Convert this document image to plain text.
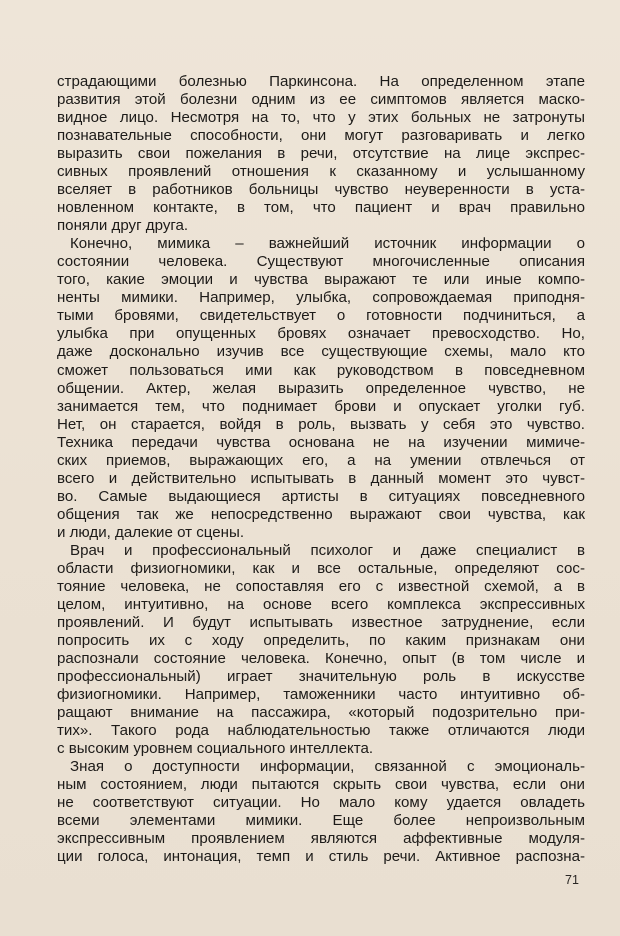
страдающими болезнью Паркинсона. На определенном этапе
развития этой болезни одним из ее симптомов является маско-
видное лицо. Несмотря на то, что у этих больных не затронуты
познавательные способности, они могут разговаривать и легко
выразить свои пожелания в речи, отсутствие на лице экспрес-
сивных проявлений отношения к сказанному и услышанному
вселяет в работников больницы чувство неуверенности в уста-
новленном контакте, в том, что пациент и врач правильно
поняли друг друга.
Конечно, мимика – важнейший источник информации о
состоянии человека. Существуют многочисленные описания
того, какие эмоции и чувства выражают те или иные компо-
ненты мимики. Например, улыбка, сопровождаемая приподня-
тыми бровями, свидетельствует о готовности подчиниться, а
улыбка при опущенных бровях означает превосходство. Но,
даже досконально изучив все существующие схемы, мало кто
сможет пользоваться ими как руководством в повседневном
общении. Актер, желая выразить определенное чувство, не
занимается тем, что поднимает брови и опускает уголки губ.
Нет, он старается, войдя в роль, вызвать у себя это чувство.
Техника передачи чувства основана не на изучении мимиче-
ских приемов, выражающих его, а на умении отвлечься от
всего и действительно испытывать в данный момент это чувст-
во. Самые выдающиеся артисты в ситуациях повседневного
общения так же непосредственно выражают свои чувства, как
и люди, далекие от сцены.
Врач и профессиональный психолог и даже специалист в
области физиогномики, как и все остальные, определяют сос-
тояние человека, не сопоставляя его с известной схемой, а в
целом, интуитивно, на основе всего комплекса экспрессивных
проявлений. И будут испытывать известное затруднение, если
попросить их с ходу определить, по каким признакам они
распознали состояние человека. Конечно, опыт (в том числе и
профессиональный) играет значительную роль в искусстве
физиогномики. Например, таможенники часто интуитивно об-
ращают внимание на пассажира, «который подозрительно при-
тих». Такого рода наблюдательностью также отличаются люди
с высоким уровнем социального интеллекта.
Зная о доступности информации, связанной с эмоциональ-
ным состоянием, люди пытаются скрыть свои чувства, если они
не соответствуют ситуации. Но мало кому удается овладеть
всеми элементами мимики. Еще более непроизвольным
экспрессивным проявлением являются аффективные модуля-
ции голоса, интонация, темп и стиль речи. Активное распозна-
71
